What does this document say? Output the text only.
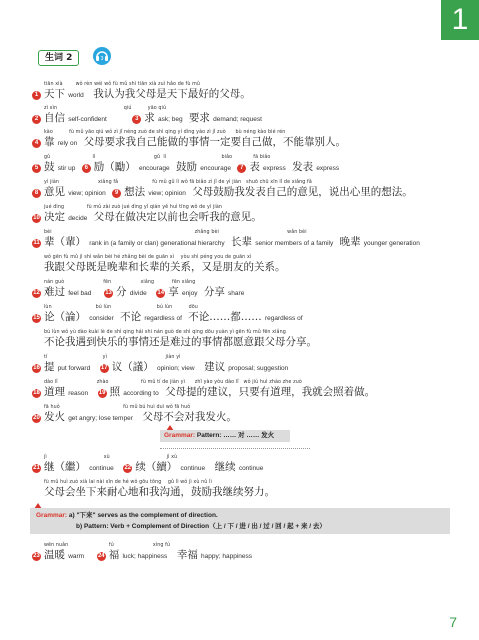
1
生词 2	3
tiān xià        wǒ rèn wéi wǒ fù mǔ shì tiān xià zuì hǎo de fù mǔ
1 天下 world 我认为我父母是天下最好的父母。
zì xìn                                         qiú          yāo qiú
2 自信 self-confident	3 求 ask; beg 要求 demand; request
kào          fù mǔ yāo qiú wǒ zì jǐ néng zuò de shì qing yí dìng yào zì jǐ zuò      bù néng kào bié rén
4 靠 rely on 父母要求我自己能做的事情一定要自己做，不能靠别人。
gǔ                          lì                                    gǔ  lì                                  biǎo             fā biǎo
5 鼓 stir up 6 励（勵） encourage 鼓励 encourage 7 表 express 发表 express
yì jiàn                        xiǎng fǎ                     fù mǔ gǔ lì wǒ fā biǎo zì jǐ de yì jiàn   shuō chū xīn lǐ de xiǎng fǎ
8 意见 view; opinion 9 想法 view; opinion 父母鼓励我发表自己的意见，说出心里的想法。
jué dìng              fù mǔ zài zuò jué dìng yǐ qián yě huì tīng wǒ de yì jiàn
10 决定 decide 父母在做决定以前也会听我的意见。
bèi                                                                                        zhǎng bèi                                          wǎn bèi
11 辈（輩） rank in (a family or clan) generational hierarchy 长辈 senior members of a family 晚辈 younger generation
wǒ gēn fù mǔ jì shì wǎn bèi hé zhǎng bèi de guān xì    yòu shì péng you de guān xì
我跟父母既是晚辈和长辈的关系，又是朋友的关系。
nán guò                        fēn                  xiǎng           fēn xiǎng
12 难过 feel bad 13 分 divide 14 享 enjoy 分享 share
lùn                           bú lùn                            bú lùn          dōu
15 论（論） consider 不论 regardless of 不论……都…… regardless of
bú lùn wǒ yù dào kuài lè de shì qing hái shi nán guò de shì qing dōu yuàn yì gēn fù mǔ fēn xiǎng
不论我遇到快乐的事情还是难过的事情都愿意跟父母分享。
tí                                  yì                                    jiàn yì
16 提 put forward 17 议（議） opinion; view 建议 proposal; suggestion
dào lǐ                        zhào                    fù mǔ tí de jiàn yì      zhǐ yào yǒu dào lǐ   wǒ jiù huì zhào zhe zuò
18 道理 reason 19 照 according to 父母提的建议，只要有道理，我就会照着做。
fā huǒ                                       fù mǔ bú huì duì wǒ fā huǒ
20 发火 get angry; lose temper 父母不会对我发火。
Grammar: Pattern: …… 对 …… 发火
jì                                   xù                                   jì xù
21 继（繼） continue 22 续（續） continue 继续 continue
fù mǔ huì zuò xià lai nài xīn de hé wǒ gōu tōng    gǔ lì wǒ jì xù nǔ lì
父母会坐下来耐心地和我沟通，鼓励我继续努力。
Grammar: a) "下来" serves as the complement of direction.
b) Pattern: Verb + Complement of Direction（上 / 下 / 进 / 出 / 过 / 回 / 起 + 来 / 去）
wēn nuǎn                         fú                        xìng fú
23 温暖 warm 24 福 luck; happiness 幸福 happy; happiness
7
